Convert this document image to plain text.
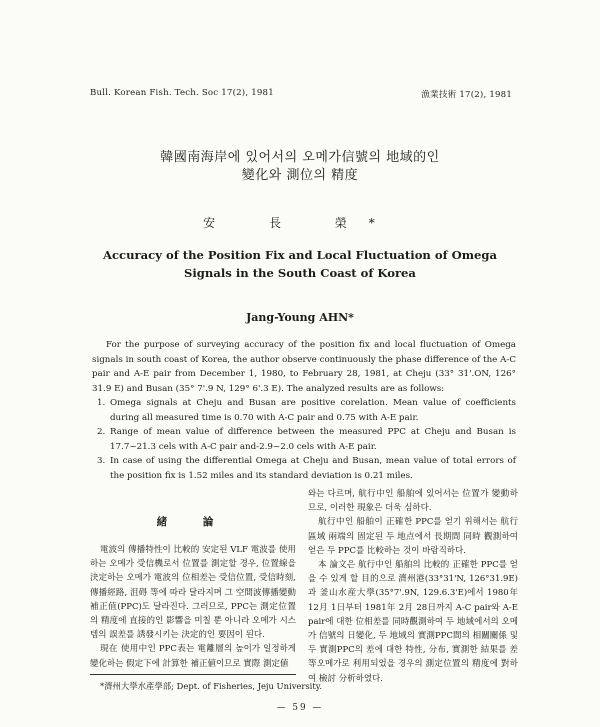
Bull. Korean Fish. Tech. Soc 17(2), 1981	漁業技術 17(2), 1981
韓國南海岸에 있어서의 오메가信號의 地域的인
變化와 測位의 精度
安 長 榮*
Accuracy of the Position Fix and Local Fluctuation of Omega
Signals in the South Coast of Korea
Jang-Young AHN*

For the purpose of surveying accuracy of the position fix and local fluctuation of Omega signals in south coast of Korea, the author observe continuously the phase difference of the A-C pair and A-E pair from December 1, 1980, to February 28, 1981, at Cheju (33° 31'.ON, 126° 31.9 E) and Busan (35° 7'.9 N, 129° 6'.3 E). The analyzed results are as follows:

1. Omega signals at Cheju and Busan are positive corelation. Mean value of coefficients during all measured time is 0.70 with A-C pair and 0.75 with A-E pair.
2. Range of mean value of difference between the measured PPC at Cheju and Busan is 17.7~21.3 cels with A-C pair and-2.9~2.0 cels with A-E pair.
3. In case of using the differential Omega at Cheju and Busan, mean value of total errors of the position fix is 1.52 miles and its standard deviation is 0.21 miles.
緒 論

電波의 傳播特性이 比較的 安定된 VLF 電波를 使用하는 오메가 受信機로서 位置를 測定할 경우, 位置線을 決定하는 오메가 電波의 位相差는 受信位置, 受信時刻, 傳播經路, 沮碍 等에 따라 달라지며 그 空間波傳播變動補正值(PPC)도 달라진다. 그러므로, PPC는 測定位置의 精度에 直接的인 影響을 미칠 뿐 아니라 오메가 시스템의 誤差를 誘發시키는 決定的인 要因이 된다.

現在 使用中인 PPC表는 電離層의 높이가 일정하게 變化하는 假定下에 計算한 補正値이므로 實際 測定値

와는 다르며, 航行中인 船舶에 있어서는 位置가 變動하므로, 이러한 現象은 더욱 심하다.

航行中인 船舶이 正確한 PPC를 얻기 위해서는 航行區域 兩端의 固定된 두 地点에서 長期間 同時 觀測하여 얻은 두 PPC를 比較하는 것이 바람직하다.

本 論文은 航行中인 船舶의 比較的 正確한 PPC를 얻을 수 있게 할 目的으로 濟州港(33°31'N, 126°31.9E)과 釜山水産大學(35°7'.9N, 129.6.3'E)에서 1980年 12月 1日부터 1981年 2月 28日까지 A-C pair와 A-E pair에 대한 位相差를 同時觀測하여 두 地域에서의 오메가 信號의 日變化, 두 地域의 實測PPC間의 相關關係 및 두 實測PPC의 差에 대한 特性, 分布, 實測한 結果를 差等오메가로 利用되었을 경우의 測定位置의 精度에 對하여 檢討 分析하였다.

*濟州大學水產學部; Dept. of Fisheries, Jeju University.
— 59 —
